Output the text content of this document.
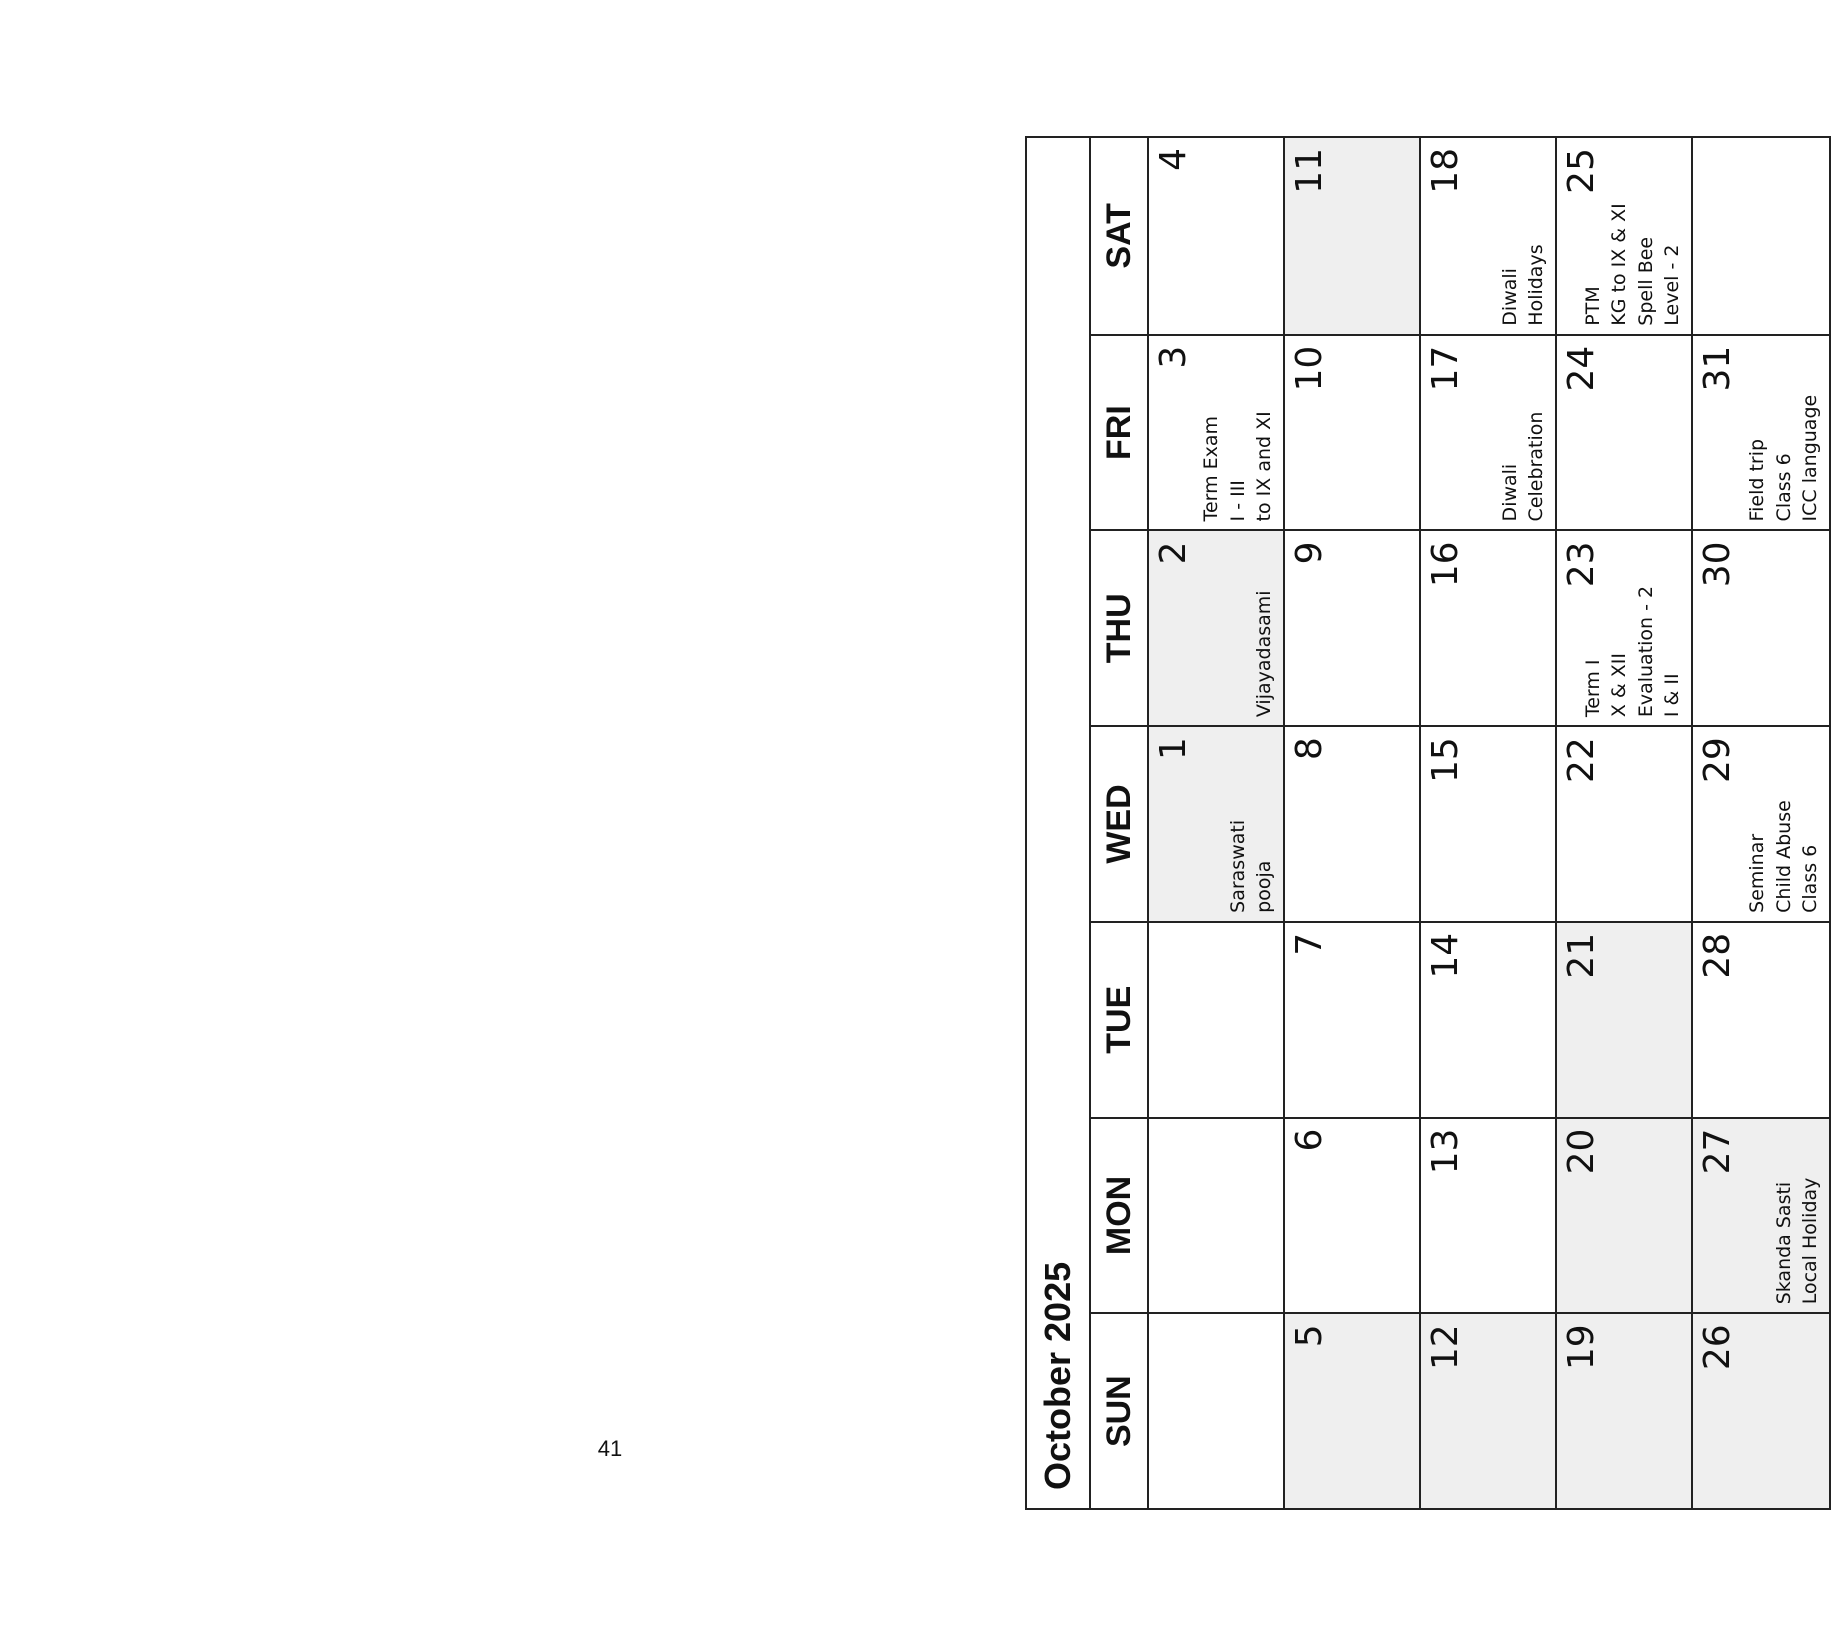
October 2025 SUN
MON
TUE
WED
THU
FRI
SAT
1
Saraswati
pooja
2
Vijayadasami
3
Term Exam
I - III
to IX and XI
4
5
6
7
8
9
10
11
12
13
14
15
16
17
Diwali
Celebration
18
Diwali
Holidays
19
20
21
22
23
Term I
X & XII
Evaluation - 2
I & II
24
25
PTM
KG to IX & XI
Spell Bee
Level - 2
26
27
Skanda Sasti
Local Holiday
28
29
Seminar
Child Abuse
Class 6
30
31
Field trip
Class 6
ICC language
41
